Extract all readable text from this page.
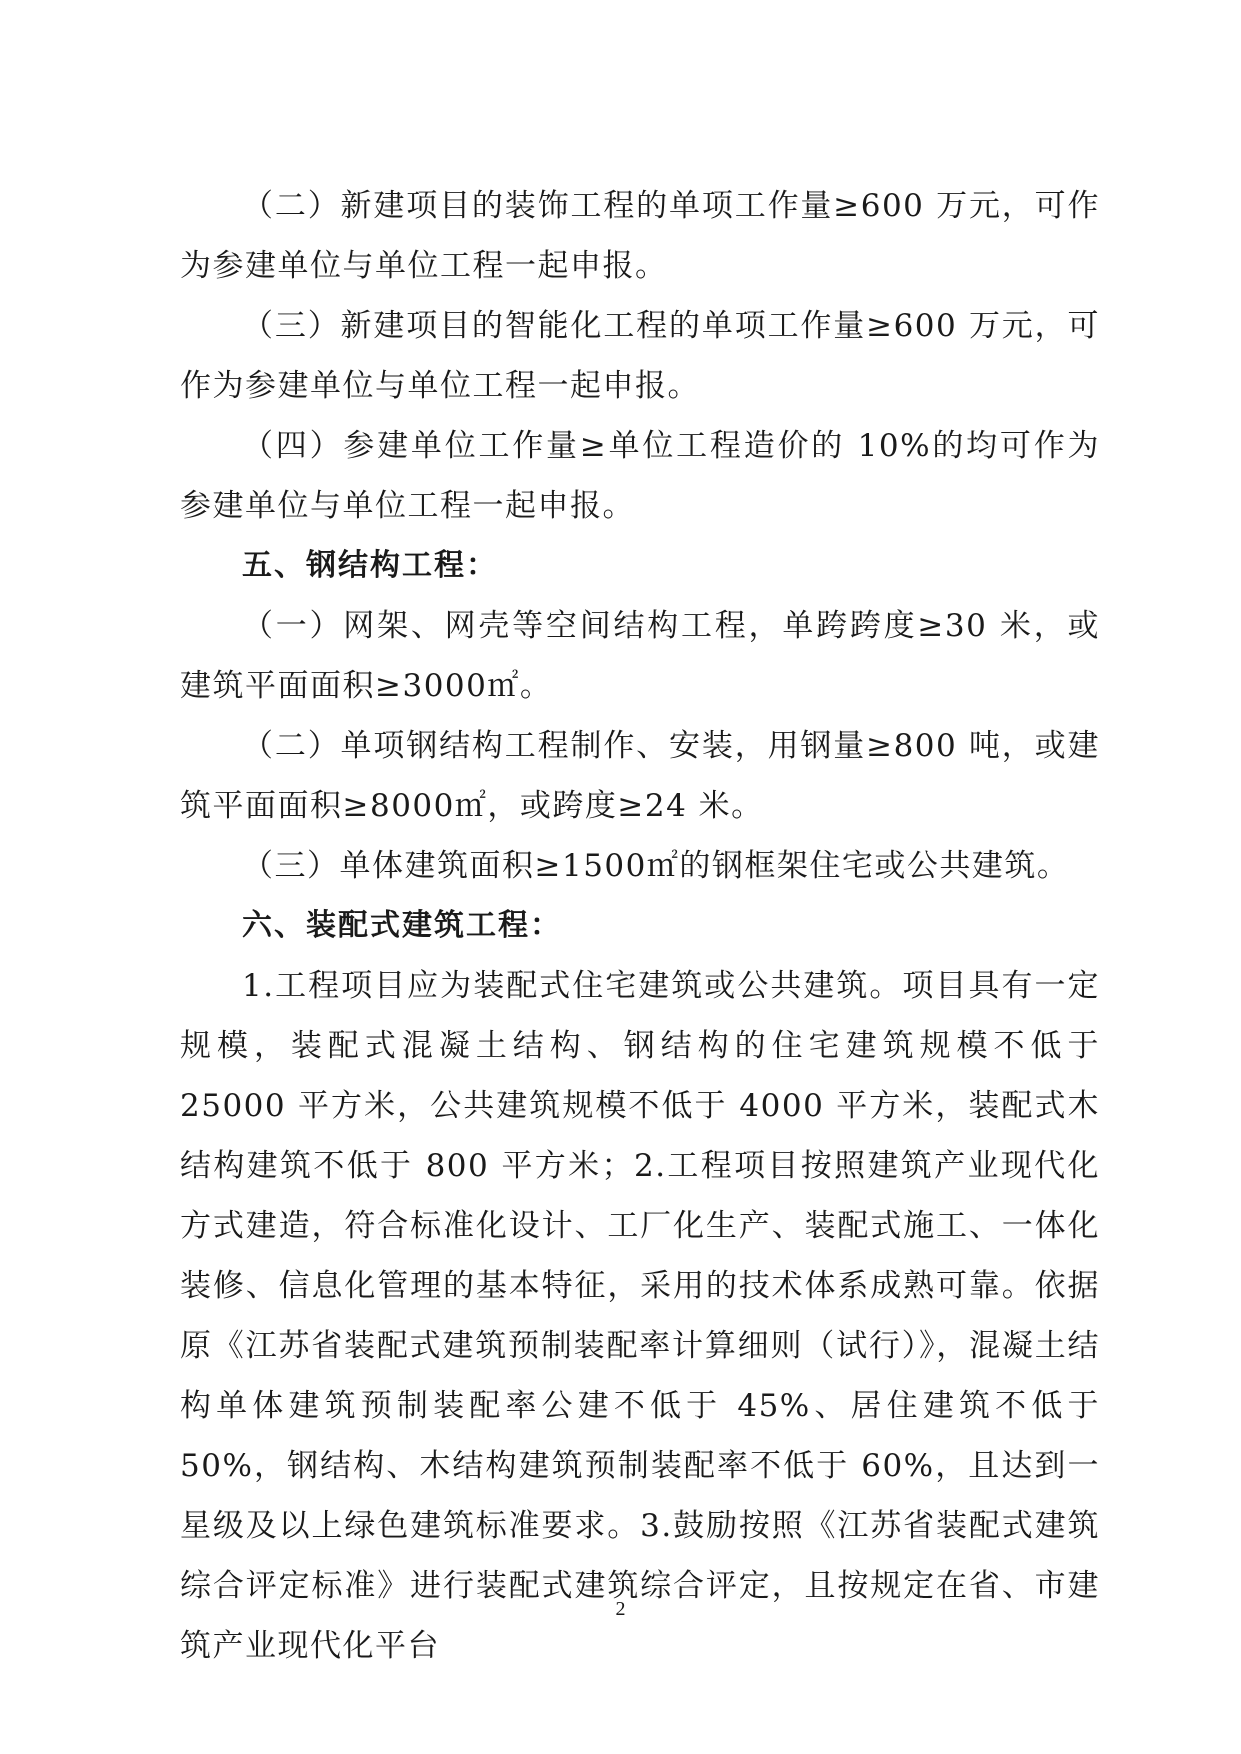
（二）新建项目的装饰工程的单项工作量≥600 万元，可作为参建单位与单位工程一起申报。

（三）新建项目的智能化工程的单项工作量≥600 万元，可作为参建单位与单位工程一起申报。

（四）参建单位工作量≥单位工程造价的 10%的均可作为参建单位与单位工程一起申报。

五、钢结构工程：

（一）网架、网壳等空间结构工程，单跨跨度≥30 米，或建筑平面面积≥3000㎡。

（二）单项钢结构工程制作、安装，用钢量≥800 吨，或建筑平面面积≥8000㎡，或跨度≥24 米。

（三）单体建筑面积≥1500㎡的钢框架住宅或公共建筑。

六、装配式建筑工程：

1.工程项目应为装配式住宅建筑或公共建筑。项目具有一定规模，装配式混凝土结构、钢结构的住宅建筑规模不低于 25000 平方米，公共建筑规模不低于 4000 平方米，装配式木结构建筑不低于 800 平方米；2.工程项目按照建筑产业现代化方式建造，符合标准化设计、工厂化生产、装配式施工、一体化装修、信息化管理的基本特征，采用的技术体系成熟可靠。依据原《江苏省装配式建筑预制装配率计算细则（试行）》，混凝土结构单体建筑预制装配率公建不低于 45%、居住建筑不低于 50%，钢结构、木结构建筑预制装配率不低于 60%，且达到一星级及以上绿色建筑标准要求。3.鼓励按照《江苏省装配式建筑综合评定标准》进行装配式建筑综合评定，且按规定在省、市建筑产业现代化平台

2
